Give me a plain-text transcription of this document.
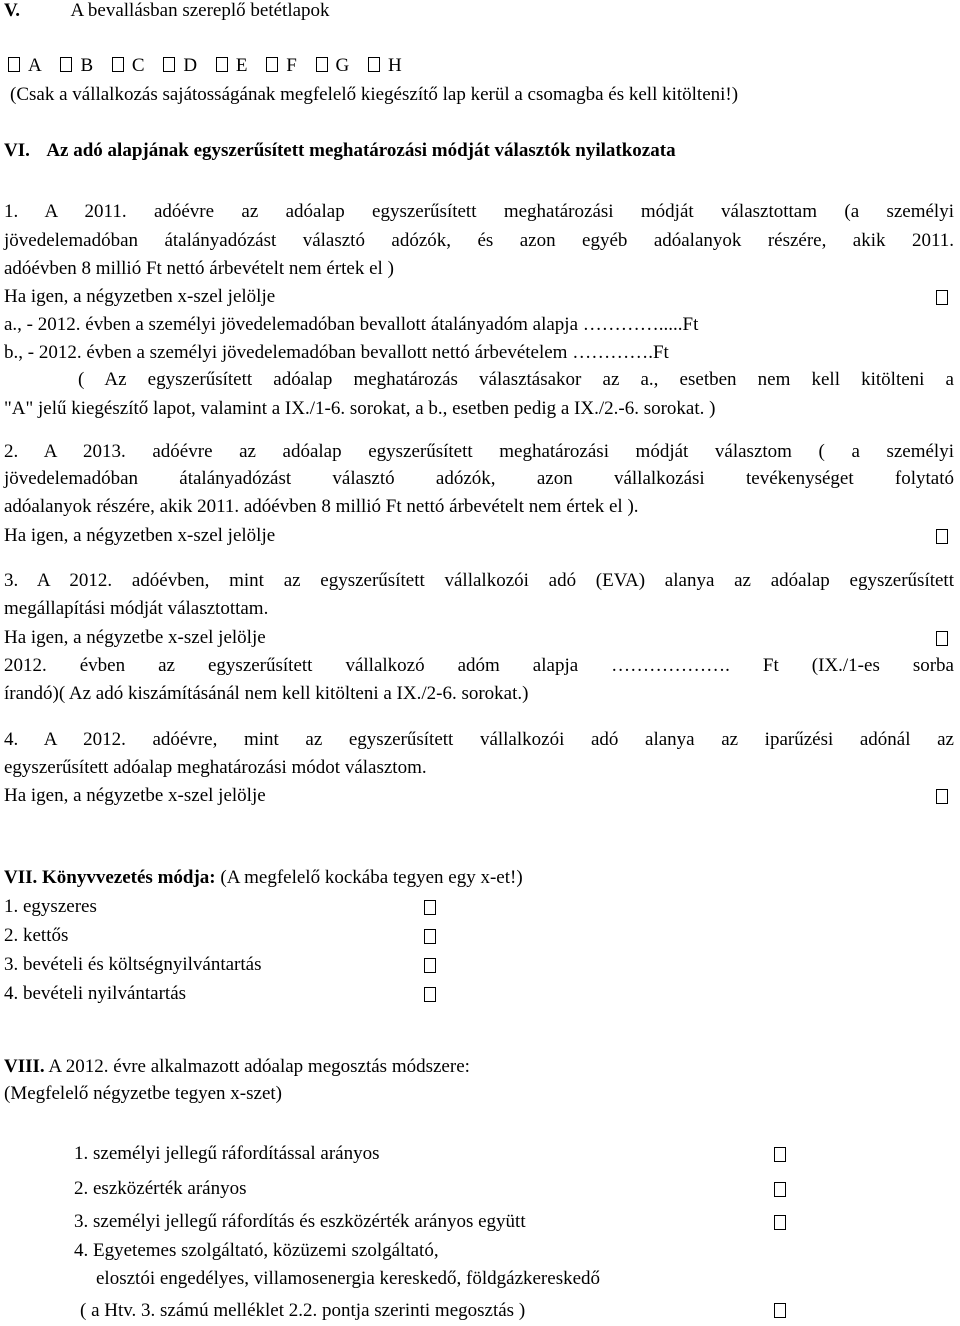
V.	A bevallásban szereplő betétlapok
A B C D E F G H
(Csak a vállalkozás sajátosságának megfelelő kiegészítő lap kerül a csomagba és kell kitölteni!)
VI. Az adó alapjának egyszerűsített meghatározási módját választók nyilatkozata
1. A 2011. adóévre az adóalap egyszerűsített meghatározási módját választottam (a személyi
jövedelemadóban átalányadózást választó adózók, és azon egyéb adóalanyok részére, akik 2011.
adóévben 8 millió Ft nettó árbevételt nem értek el )
Ha igen, a négyzetben x-szel jelölje
a., - 2012. évben a személyi jövedelemadóban bevallott átalányadóm alapja ………….....Ft
b., - 2012. évben a személyi jövedelemadóban bevallott nettó árbevételem ………….Ft
( Az egyszerűsített adóalap meghatározás választásakor az a., esetben nem kell kitölteni a
"A" jelű kiegészítő lapot, valamint a IX./1-6. sorokat, a b., esetben pedig a IX./2.-6. sorokat. )
2. A 2013. adóévre az adóalap egyszerűsített meghatározási módját választom ( a személyi
jövedelemadóban átalányadózást választó adózók, azon vállalkozási tevékenységet folytató
adóalanyok részére, akik 2011. adóévben 8 millió Ft nettó árbevételt nem értek el ).
Ha igen, a négyzetben x-szel jelölje
3. A 2012. adóévben, mint az egyszerűsített vállalkozói adó (EVA) alanya az adóalap egyszerűsített
megállapítási módját választottam.
Ha igen, a négyzetbe x-szel jelölje
2012. évben az egyszerűsített vállalkozó adóm alapja ………………. Ft (IX./1-es sorba
írandó)( Az adó kiszámításánál nem kell kitölteni a IX./2-6. sorokat.)
4. A 2012. adóévre, mint az egyszerűsített vállalkozói adó alanya az iparűzési adónál az
egyszerűsített adóalap meghatározási módot választom.
Ha igen, a négyzetbe x-szel jelölje
VII. Könyvvezetés módja: (A megfelelő kockába tegyen egy x-et!)
1. egyszeres
2. kettős
3. bevételi és költségnyilvántartás
4. bevételi nyilvántartás
VIII. A 2012. évre alkalmazott adóalap megosztás módszere:
(Megfelelő négyzetbe tegyen x-szet)
1. személyi jellegű ráfordítással arányos
2. eszközérték arányos
3. személyi jellegű ráfordítás és eszközérték arányos együtt
4. Egyetemes szolgáltató, közüzemi szolgáltató,
elosztói engedélyes, villamosenergia kereskedő, földgázkereskedő
( a Htv. 3. számú melléklet 2.2. pontja szerinti megosztás )
